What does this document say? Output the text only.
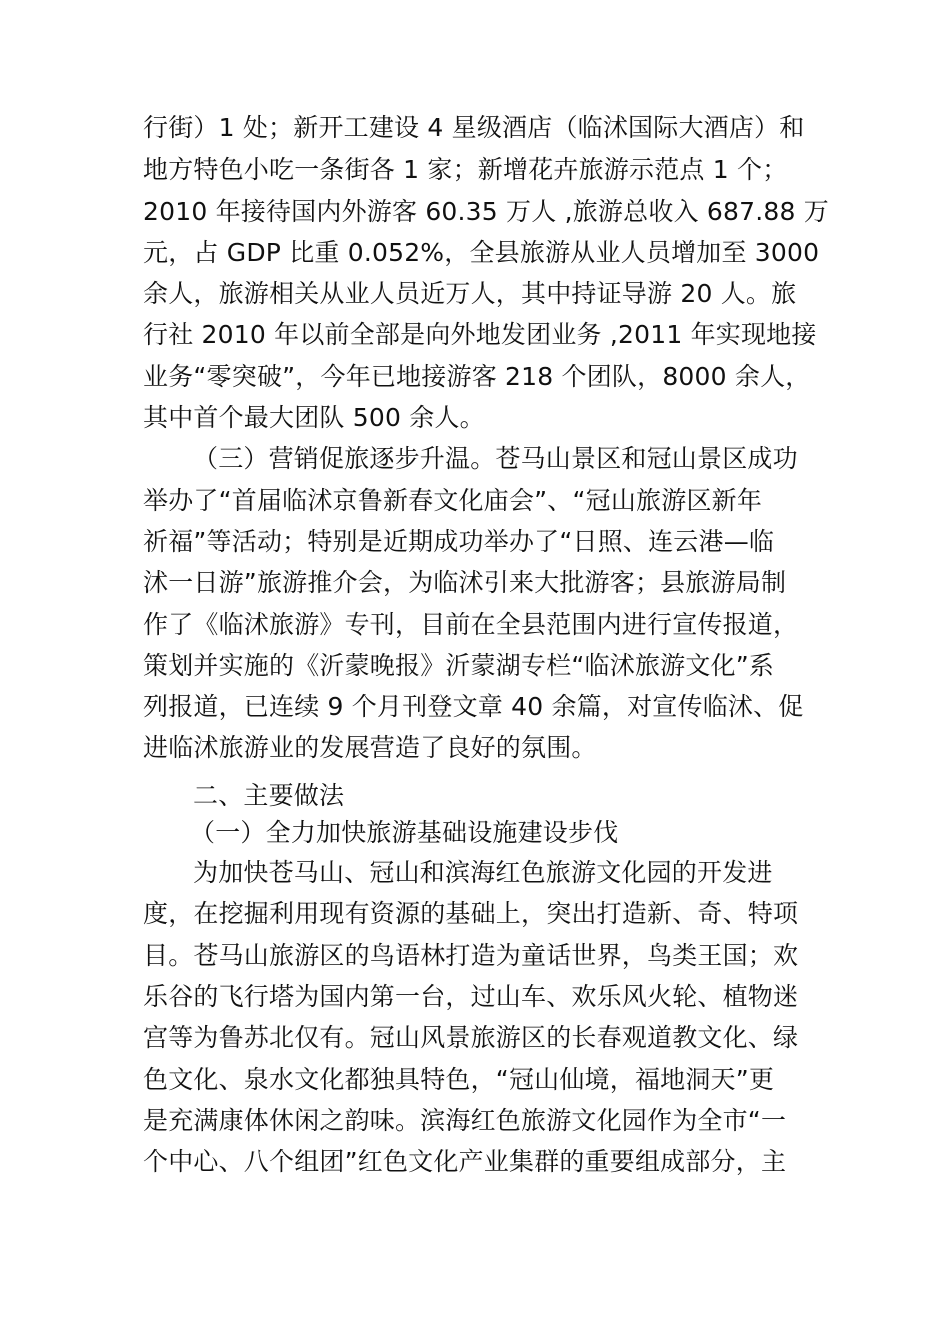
行街）1 处；新开工建设 4 星级酒店（临沭国际大酒店）和
地方特色小吃一条街各 1 家；新增花卉旅游示范点 1 个；
2010 年接待国内外游客 60.35 万人 ,旅游总收入 687.88 万
元，占 GDP 比重 0.052%，全县旅游从业人员增加至 3000
余人，旅游相关从业人员近万人，其中持证导游 20 人。旅
行社 2010 年以前全部是向外地发团业务 ,2011 年实现地接
业务“零突破”，今年已地接游客 218 个团队，8000 余人，
其中首个最大团队 500 余人。
（三）营销促旅逐步升温。苍马山景区和冠山景区成功
举办了“首届临沭京鲁新春文化庙会”、“冠山旅游区新年
祈福”等活动；特别是近期成功举办了“日照、连云港—临
沭一日游”旅游推介会，为临沭引来大批游客；县旅游局制
作了《临沭旅游》专刊，目前在全县范围内进行宣传报道，
策划并实施的《沂蒙晚报》沂蒙湖专栏“临沭旅游文化”系
列报道，已连续 9 个月刊登文章 40 余篇，对宣传临沭、促
进临沭旅游业的发展营造了良好的氛围。
二、主要做法
（一）全力加快旅游基础设施建设步伐
为加快苍马山、冠山和滨海红色旅游文化园的开发进
度，在挖掘利用现有资源的基础上，突出打造新、奇、特项
目。苍马山旅游区的鸟语林打造为童话世界，鸟类王国；欢
乐谷的飞行塔为国内第一台，过山车、欢乐风火轮、植物迷
宫等为鲁苏北仅有。冠山风景旅游区的长春观道教文化、绿
色文化、泉水文化都独具特色，“冠山仙境，福地洞天”更
是充满康体休闲之韵味。滨海红色旅游文化园作为全市“一
个中心、八个组团”红色文化产业集群的重要组成部分，主
